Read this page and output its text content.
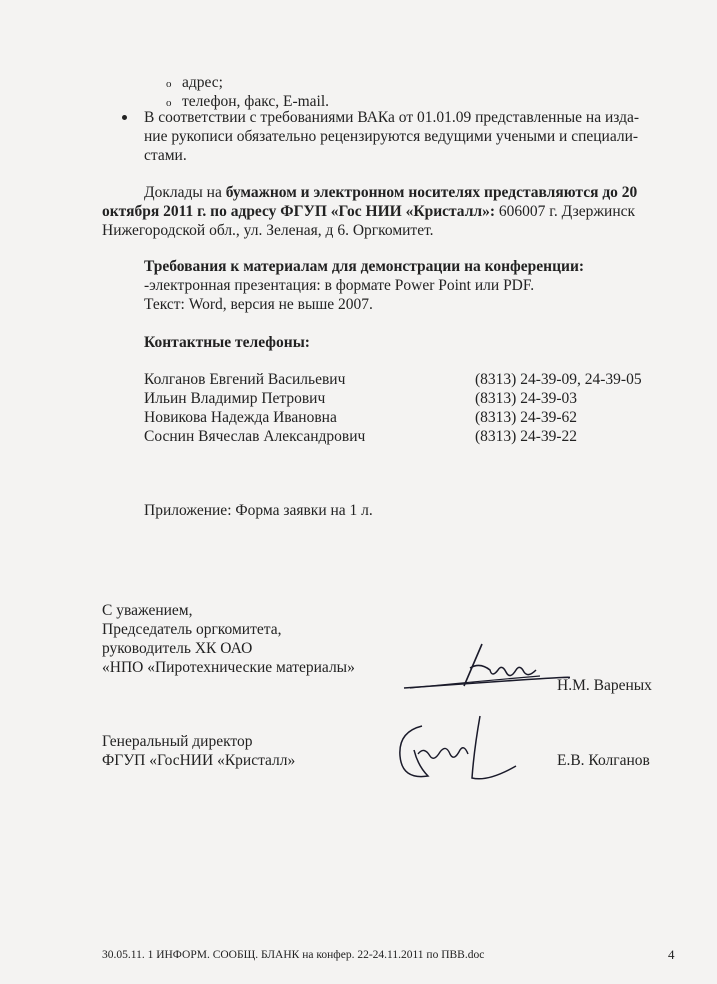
o адрес;
o телефон, факс, E-mail.
В соответствии с требованиями ВАКа от 01.01.09 представленные на изда-
ние рукописи обязательно рецензируются ведущими учеными и специали-
стами.
Доклады на бумажном и электронном носителях представляются до 20
октября 2011 г. по адресу ФГУП «Гос НИИ «Кристалл»: 606007 г. Дзержинск
Нижегородской обл., ул. Зеленая, д 6. Оргкомитет.
Требования к материалам для демонстрации на конференции:
-электронная презентация: в формате Power Point или PDF.
Текст: Word, версия не выше 2007.
Контактные телефоны:
Колганов Евгений Васильевич	(8313) 24-39-09, 24-39-05
Ильин Владимир Петрович	(8313) 24-39-03
Новикова Надежда Ивановна	(8313) 24-39-62
Соснин Вячеслав Александрович	(8313) 24-39-22
Приложение: Форма заявки на 1 л.
С уважением,
Председатель оргкомитета,
руководитель ХК ОАО
«НПО «Пиротехнические материалы»
Н.М. Вареных
Генеральный директор
ФГУП «ГосНИИ «Кристалл»	Е.В. Колганов
30.05.11. 1 ИНФОРМ. СООБЩ. БЛАНК на конфер. 22-24.11.2011 по ПВВ.doc	4
